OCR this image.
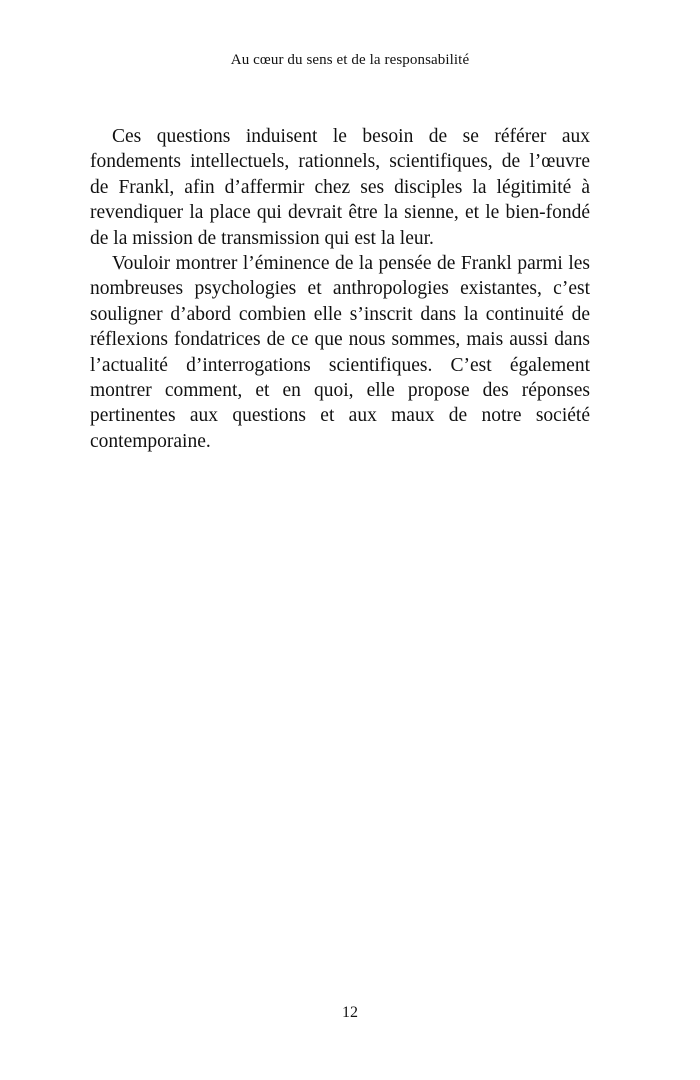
Au cœur du sens et de la responsabilité

Ces questions induisent le besoin de se référer aux fondements intellectuels, rationnels, scientifiques, de l’œuvre de Frankl, afin d’affermir chez ses disciples la légitimité à revendiquer la place qui devrait être la sienne, et le bien-fondé de la mission de transmission qui est la leur.

Vouloir montrer l’éminence de la pensée de Frankl parmi les nombreuses psychologies et anthropologies existantes, c’est souligner d’abord combien elle s’inscrit dans la continuité de réflexions fondatrices de ce que nous sommes, mais aussi dans l’actualité d’interrogations scientifiques. C’est également montrer comment, et en quoi, elle propose des réponses pertinentes aux questions et aux maux de notre société contemporaine.

12
